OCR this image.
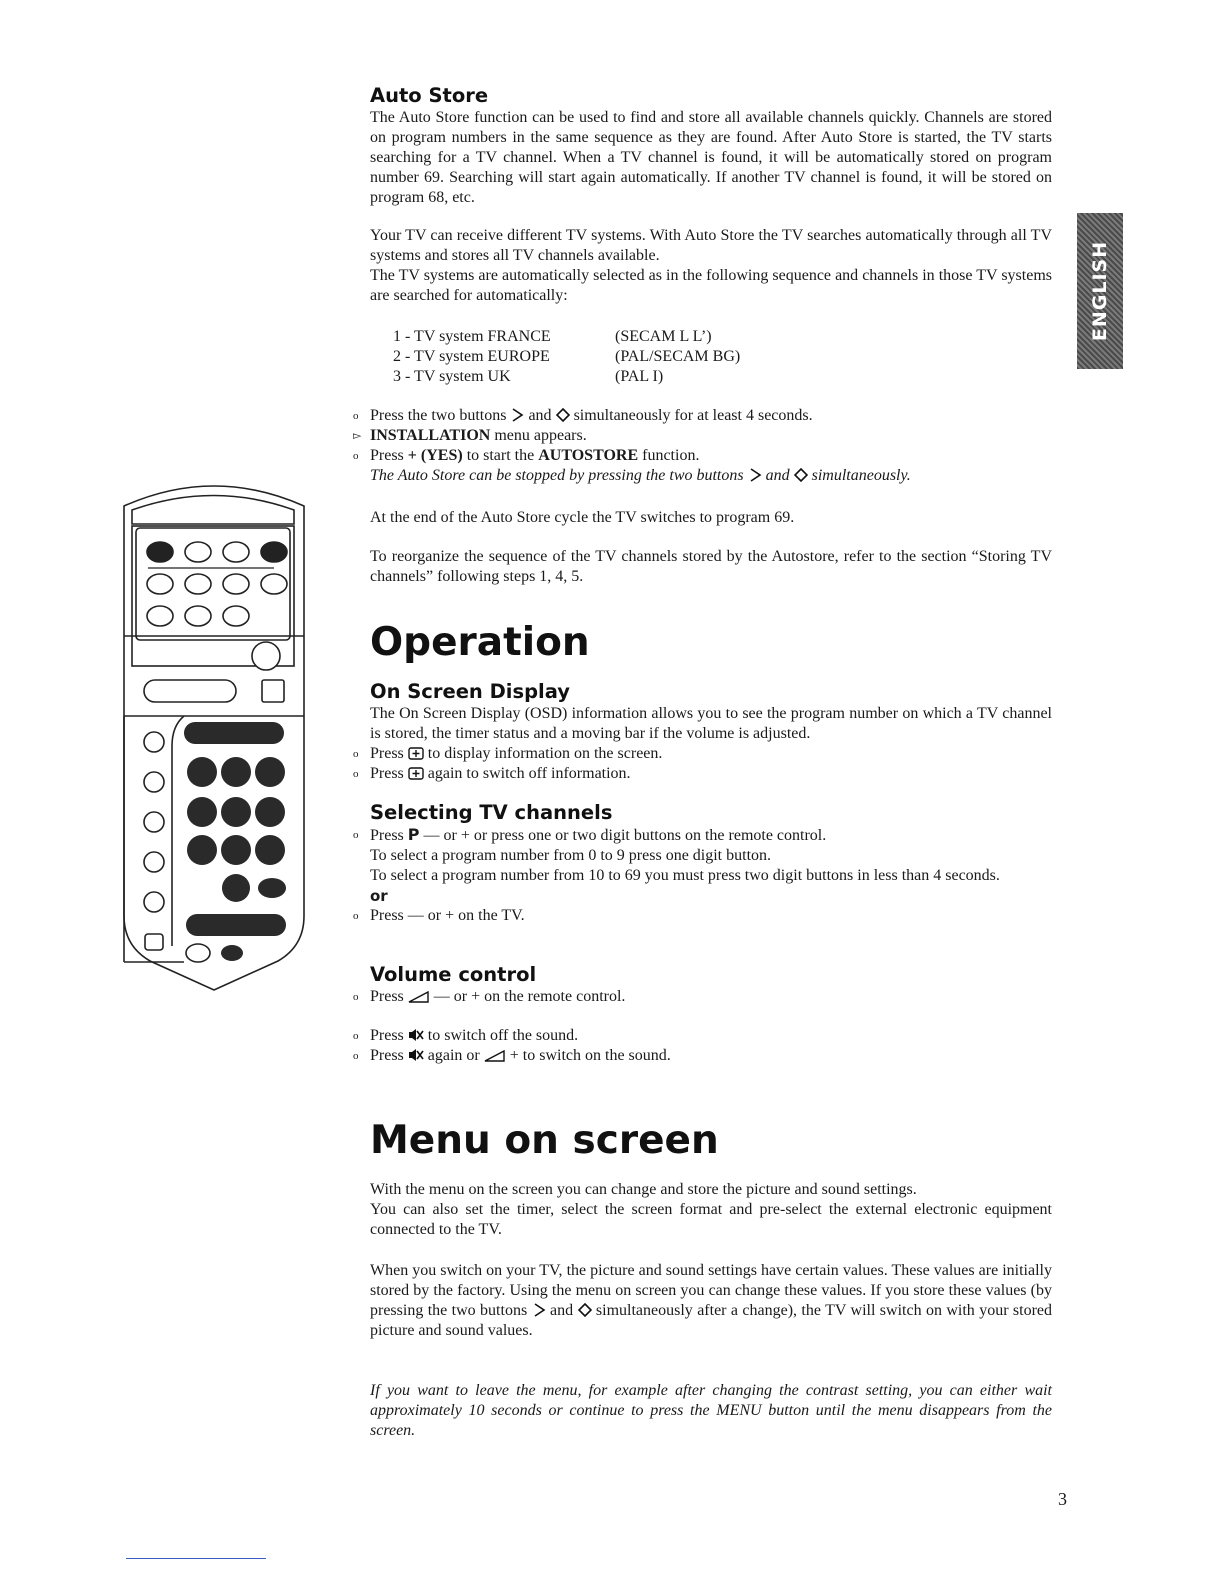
ENGLISH
Auto Store

The Auto Store function can be used to find and store all available channels quickly. Channels are stored on program numbers in the same sequence as they are found. After Auto Store is started, the TV starts searching for a TV channel. When a TV channel is found, it will be automatically stored on program number 69. Searching will start again automatically. If another TV channel is found, it will be stored on program 68, etc.

Your TV can receive different TV systems. With Auto Store the TV searches automatically through all TV systems and stores all TV channels available.

The TV systems are automatically selected as in the following sequence and channels in those TV systems are searched for automatically:

1 - TV system FRANCE	(SECAM L L’)
2 - TV system EUROPE	(PAL/SECAM BG)
3 - TV system UK	(PAL I)

o Press the two buttons and simultaneously for at least 4 seconds.

▻ INSTALLATION menu appears.

o Press + (YES) to start the AUTOSTORE function.

The Auto Store can be stopped by pressing the two buttons and simultaneously.

At the end of the Auto Store cycle the TV switches to program 69.

To reorganize the sequence of the TV channels stored by the Autostore, refer to the section “Storing TV channels” following steps 1, 4, 5.

Operation
On Screen Display

The On Screen Display (OSD) information allows you to see the program number on which a TV channel is stored, the timer status and a moving bar if the volume is adjusted.

o Press to display information on the screen.

o Press again to switch off information.

Selecting TV channels

o Press P — or + or press one or two digit buttons on the remote control.

To select a program number from 0 to 9 press one digit button.

To select a program number from 10 to 69 you must press two digit buttons in less than 4 seconds.

or

o Press — or + on the TV.

Volume control

o Press — or + on the remote control.

o Press to switch off the sound.

o Press again or + to switch on the sound.

Menu on screen

With the menu on the screen you can change and store the picture and sound settings.

You can also set the timer, select the screen format and pre-select the external electronic equipment connected to the TV.

When you switch on your TV, the picture and sound settings have certain values. These values are initially stored by the factory. Using the menu on screen you can change these values. If you store these values (by pressing the two buttons and simultaneously after a change), the TV will switch on with your stored picture and sound values.

If you want to leave the menu, for example after changing the contrast setting, you can either wait approximately 10 seconds or continue to press the MENU button until the menu disappears from the screen.

3
